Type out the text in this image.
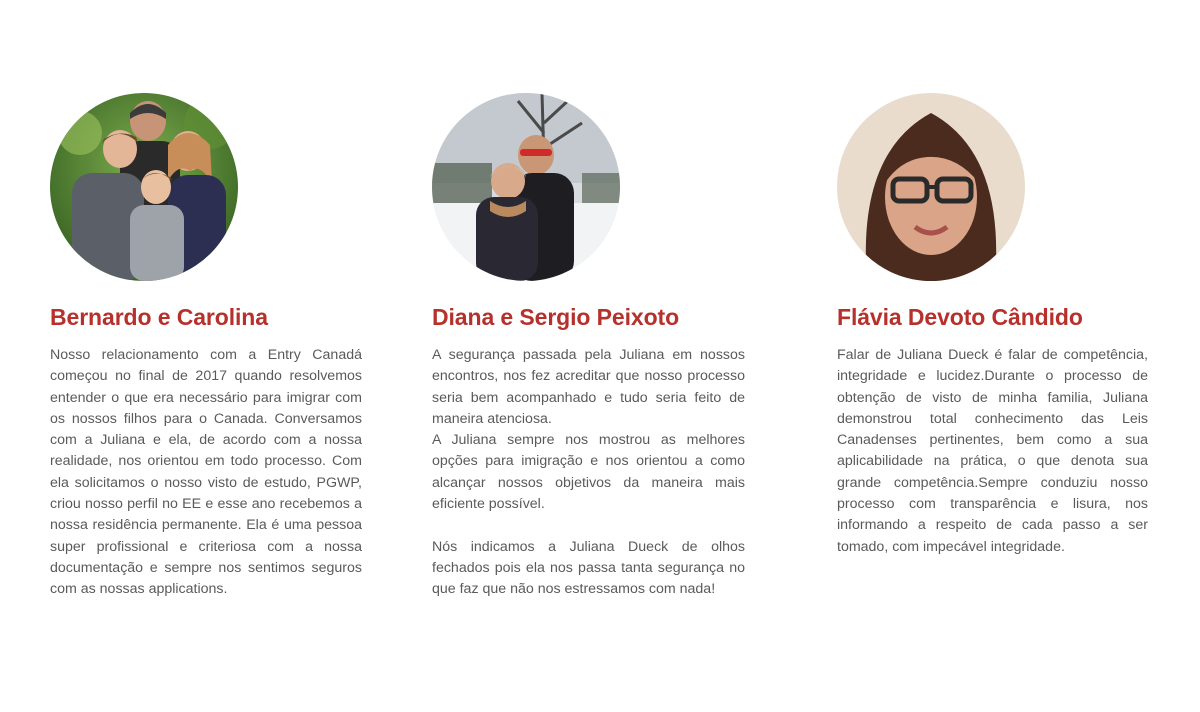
Bernardo e Carolina

Nosso relacionamento com a Entry Canadá começou no final de 2017 quando resolvemos entender o que era necessário para imigrar com os nossos filhos para o Canada. Conversamos com a Juliana e ela, de acordo com a nossa realidade, nos orientou em todo processo. Com ela solicitamos o nosso visto de estudo, PGWP, criou nosso perfil no EE e esse ano recebemos a nossa residência permanente. Ela é uma pessoa super profissional e criteriosa com a nossa documentação e sempre nos sentimos seguros com as nossas applications.

Diana e Sergio Peixoto

A segurança passada pela Juliana em nossos encontros, nos fez acreditar que nosso processo seria bem acompanhado e tudo seria feito de maneira atenciosa.

A Juliana sempre nos mostrou as melhores opções para imigração e nos orientou a como alcançar nossos objetivos da maneira mais eficiente possível.

Nós indicamos a Juliana Dueck de olhos fechados pois ela nos passa tanta segurança no que faz que não nos estressamos com nada!

Flávia Devoto Cândido

Falar de Juliana Dueck é falar de competência, integridade e lucidez.Durante o processo de obtenção de visto de minha familia, Juliana demonstrou total conhecimento das Leis Canadenses pertinentes, bem como a sua aplicabilidade na prática, o que denota sua grande competência.Sempre conduziu nosso processo com transparência e lisura, nos informando a respeito de cada passo a ser tomado, com impecável integridade.
